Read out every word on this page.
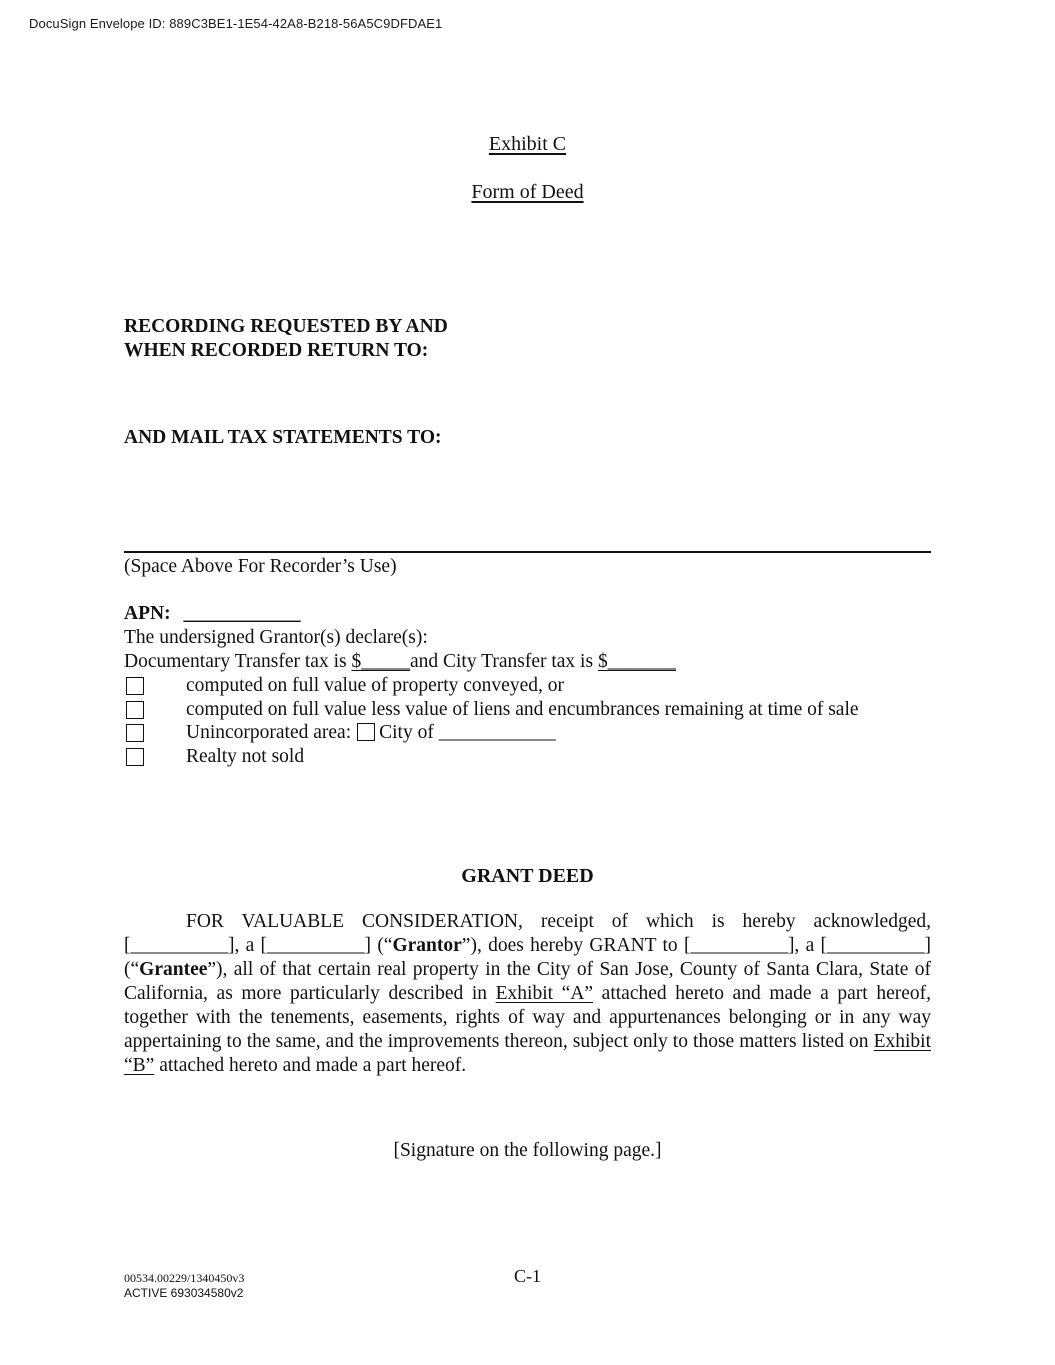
DocuSign Envelope ID: 889C3BE1-1E54-42A8-B218-56A5C9DFDAE1
Exhibit C
Form of Deed
RECORDING REQUESTED BY AND
WHEN RECORDED RETURN TO:
AND MAIL TAX STATEMENTS TO:
(Space Above For Recorder’s Use)
APN: ____________
The undersigned Grantor(s) declare(s):
Documentary Transfer tax is $_____and City Transfer tax is $_______
computed on full value of property conveyed, or
computed on full value less value of liens and encumbrances remaining at time of sale
Unincorporated area: City of ____________
Realty not sold
GRANT DEED
FOR VALUABLE CONSIDERATION, receipt of which is hereby acknowledged, [__________], a [__________] (“Grantor”), does hereby GRANT to [__________], a [__________] (“Grantee”), all of that certain real property in the City of San Jose, County of Santa Clara, State of California, as more particularly described in Exhibit “A” attached hereto and made a part hereof, together with the tenements, easements, rights of way and appurtenances belonging or in any way appertaining to the same, and the improvements thereon, subject only to those matters listed on Exhibit “B” attached hereto and made a part hereof.
[Signature on the following page.]
00534.00229/1340450v3
ACTIVE 693034580v2
C-1
